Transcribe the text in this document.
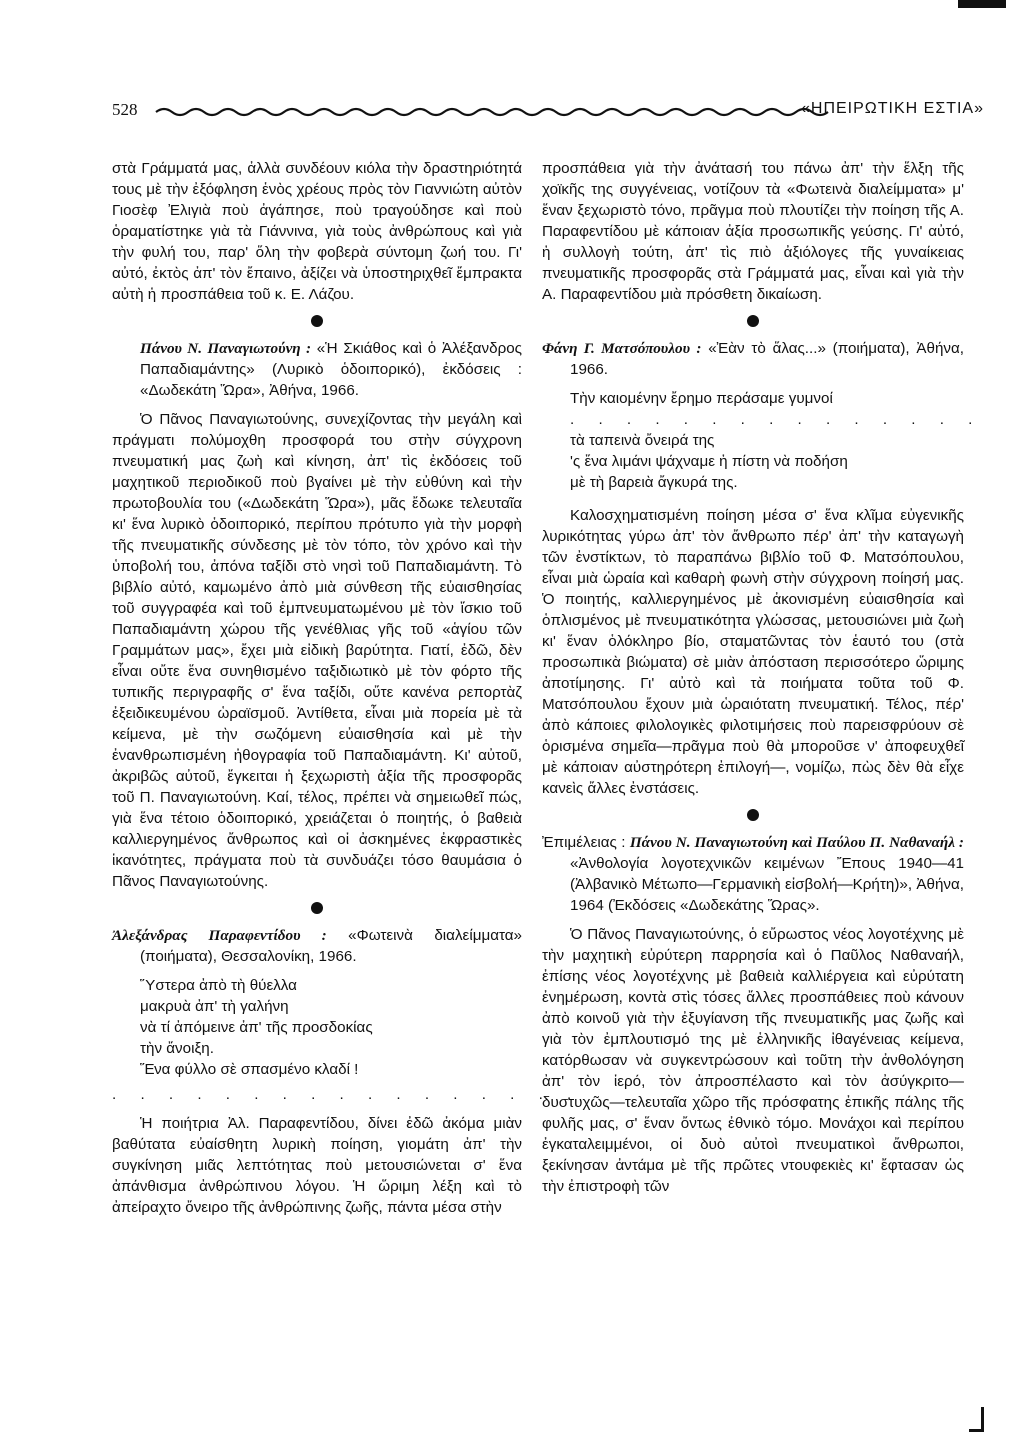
528	«ΗΠΕΙΡΩΤΙΚΗ ΕΣΤΙΑ»

στὰ Γράμματά μας, ἀλλὰ συνδέουν κιόλα τὴν δραστηριότητά τους μὲ τὴν ἐξόφληση ἑνὸς χρέους πρὸς τὸν Γιαννιώτη αὐτὸν Γιοσὲφ Ἐλιγιὰ ποὺ ἀγάπησε, ποὺ τραγούδησε καὶ ποὺ ὁραματίστηκε γιὰ τὰ Γιάννινα, γιὰ τοὺς ἀνθρώπους καὶ γιὰ τὴν φυλή του, παρ' ὅλη τὴν φοβερὰ σύντομη ζωή του. Γι' αὐτό, ἐκτὸς ἀπ' τὸν ἔπαινο, ἀξίζει νὰ ὑποστηριχθεῖ ἔμπρακτα αὐτὴ ἡ προσπάθεια τοῦ κ. Ε. Λάζου.

Πάνου Ν. Παναγιωτούνη : «Ἡ Σκιάθος καὶ ὁ Ἀλέξανδρος Παπαδιαμάντης» (Λυρικὸ ὁδοιπορικό), ἐκδόσεις : «Δωδεκάτη Ὥρα», Ἀθήνα, 1966.

Ὁ Πᾶνος Παναγιωτούνης, συνεχίζοντας τὴν μεγάλη καὶ πράγματι πολύμοχθη προσφορά του στὴν σύγχρονη πνευματική μας ζωὴ καὶ κίνηση, ἀπ' τὶς ἐκδόσεις τοῦ μαχητικοῦ περιοδικοῦ ποὺ βγαίνει μὲ τὴν εὐθύνη καὶ τὴν πρωτοβουλία του («Δωδεκάτη Ὥρα»), μᾶς ἔδωκε τελευταῖα κι' ἕνα λυρικὸ ὁδοιπορικό, περίπου πρότυπο γιὰ τὴν μορφὴ τῆς πνευματικῆς σύνδεσης μὲ τὸν τόπο, τὸν χρόνο καὶ τὴν ὑποβολή του, ἀπόνα ταξίδι στὸ νησὶ τοῦ Παπαδιαμάντη. Τὸ βιβλίο αὐτό, καμωμένο ἀπὸ μιὰ σύνθεση τῆς εὐαισθησίας τοῦ συγγραφέα καὶ τοῦ ἐμπνευματωμένου μὲ τὸν ἴσκιο τοῦ Παπαδιαμάντη χώρου τῆς γενέθλιας γῆς τοῦ «ἁγίου τῶν Γραμμάτων μας», ἔχει μιὰ εἰδικὴ βαρύτητα. Γιατί, ἐδῶ, δὲν εἶναι οὔτε ἕνα συνηθισμένο ταξιδιωτικὸ μὲ τὸν φόρτο τῆς τυπικῆς περιγραφῆς σ' ἕνα ταξίδι, οὔτε κανένα ρεπορτὰζ ἐξειδικευμένου ὡραϊσμοῦ. Ἀντίθετα, εἶναι μιὰ πορεία μὲ τὰ κείμενα, μὲ τὴν σωζόμενη εὐαισθησία καὶ μὲ τὴν ἐνανθρωπισμένη ἠθογραφία τοῦ Παπαδιαμάντη. Κι' αὐτοῦ, ἀκριβῶς αὐτοῦ, ἔγκειται ἡ ξεχωριστὴ ἀξία τῆς προσφορᾶς τοῦ Π. Παναγιωτούνη. Καί, τέλος, πρέπει νὰ σημειωθεῖ πώς, γιὰ ἕνα τέτοιο ὁδοιπορικό, χρειάζεται ὁ ποιητής, ὁ βαθειὰ καλλιεργημένος ἄνθρωπος καὶ οἱ ἀσκημένες ἐκφραστικὲς ἱκανότητες, πράγματα ποὺ τὰ συνδυάζει τόσο θαυμάσια ὁ Πᾶνος Παναγιωτούνης.

Ἀλεξάνδρας Παραφεντίδου : «Φωτεινὰ διαλείμματα» (ποιήματα), Θεσσαλονίκη, 1966.

Ὕστερα ἀπὸ τὴ θύελλα
μακρυὰ ἀπ' τὴ γαλήνη
νὰ τί ἀπόμεινε ἀπ' τῆς προσδοκίας
τὴν ἄνοιξη.
Ἕνα φύλλο σὲ σπασμένο κλαδί !
. . . . . . . . . . . . . . . . .

Ἡ ποιήτρια Ἀλ. Παραφεντίδου, δίνει ἐδῶ ἀκόμα μιὰν βαθύτατα εὐαίσθητη λυρικὴ ποίηση, γιομάτη ἀπ' τὴν συγκίνηση μιᾶς λεπτότητας ποὺ μετουσιώνεται σ' ἕνα ἀπάνθισμα ἀνθρώπινου λόγου. Ἡ ὥριμη λέξη καὶ τὸ ἀπείραχτο ὄνειρο τῆς ἀνθρώπινης ζωῆς, πάντα μέσα στὴν

προσπάθεια γιὰ τὴν ἀνάτασή του πάνω ἀπ' τὴν ἕλξη τῆς χοϊκῆς της συγγένειας, νοτίζουν τὰ «Φωτεινὰ διαλείμματα» μ' ἕναν ξεχωριστὸ τόνο, πρᾶγμα ποὺ πλουτίζει τὴν ποίηση τῆς Α. Παραφεντίδου μὲ κάποιαν ἀξία προσωπικῆς γεύσης. Γι' αὐτό, ἡ συλλογὴ τούτη, ἀπ' τὶς πιὸ ἀξιόλογες τῆς γυναίκειας πνευματικῆς προσφορᾶς στὰ Γράμματά μας, εἶναι καὶ γιὰ τὴν Α. Παραφεντίδου μιὰ πρόσθετη δικαίωση.

Φάνη Γ. Ματσόπουλου : «Ἐὰν τὸ ἅλας...» (ποιήματα), Ἀθήνα, 1966.

Τὴν καιομένην ἔρημο περάσαμε γυμνοί
. . . . . . . . . . . . . . .
τὰ ταπεινὰ ὄνειρά της
'ς ἕνα λιμάνι ψάχναμε ἡ πίστη νὰ ποδήση
μὲ τὴ βαρειὰ ἄγκυρά της.

Καλοσχηματισμένη ποίηση μέσα σ' ἕνα κλῖμα εὐγενικῆς λυρικότητας γύρω ἀπ' τὸν ἄνθρωπο πέρ' ἀπ' τὴν καταγωγὴ τῶν ἐνστίκτων, τὸ παραπάνω βιβλίο τοῦ Φ. Ματσόπουλου, εἶναι μιὰ ὡραία καὶ καθαρὴ φωνὴ στὴν σύγχρονη ποίησή μας. Ὁ ποιητής, καλλιεργημένος μὲ ἀκονισμένη εὐαισθησία καὶ ὁπλισμένος μὲ πνευματικότητα γλώσσας, μετουσιώνει μιὰ ζωὴ κι' ἕναν ὁλόκληρο βίο, σταματῶντας τὸν ἑαυτό του (στὰ προσωπικὰ βιώματα) σὲ μιὰν ἀπόσταση περισσότερο ὥριμης ἀποτίμησης. Γι' αὐτὸ καὶ τὰ ποιήματα τοῦτα τοῦ Φ. Ματσόπουλου ἔχουν μιὰ ὡραιότατη πνευματική. Τέλος, πέρ' ἀπὸ κάποιες φιλολογικὲς φιλοτιμήσεις ποὺ παρεισφρύουν σὲ ὁρισμένα σημεῖα—πρᾶγμα ποὺ θὰ μποροῦσε ν' ἀποφευχθεῖ μὲ κάποιαν αὐστηρότερη ἐπιλογή—, νομίζω, πὼς δὲν θὰ εἶχε κανεὶς ἄλλες ἐνστάσεις.

Ἐπιμέλειας : Πάνου Ν. Παναγιωτούνη καὶ Παύλου Π. Ναθαναήλ : «Ἀνθολογία λογοτεχνικῶν κειμένων Ἔπους 1940—41 (Ἀλβανικὸ Μέτωπο—Γερμανικὴ εἰσβολή—Κρήτη)», Ἀθήνα, 1964 (Ἐκδόσεις «Δωδεκάτης Ὥρας».

Ὁ Πᾶνος Παναγιωτούνης, ὁ εὔρωστος νέος λογοτέχνης μὲ τὴν μαχητικὴ εὐρύτερη παρρησία καὶ ὁ Παῦλος Ναθαναήλ, ἐπίσης νέος λογοτέχνης μὲ βαθειὰ καλλιέργεια καὶ εὐρύτατη ἐνημέρωση, κοντὰ στὶς τόσες ἄλλες προσπάθειες ποὺ κάνουν ἀπὸ κοινοῦ γιὰ τὴν ἐξυγίανση τῆς πνευματικῆς μας ζωῆς καὶ γιὰ τὸν ἐμπλουτισμό της μὲ ἑλληνικῆς ἰθαγένειας κείμενα, κατόρθωσαν νὰ συγκεντρώσουν καὶ τοῦτη τὴν ἀνθολόγηση ἀπ' τὸν ἱερό, τὸν ἀπροσπέλαστο καὶ τὸν ἀσύγκριτο—δυστυχῶς—τελευταῖα χῶρο τῆς πρόσφατης ἐπικῆς πάλης τῆς φυλῆς μας, σ' ἕναν ὄντως ἐθνικὸ τόμο. Μονάχοι καὶ περίπου ἐγκαταλειμμένοι, οἱ δυὸ αὐτοὶ πνευματικοὶ ἄνθρωποι, ξεκίνησαν ἀντάμα μὲ τῆς πρῶτες ντουφεκιὲς κι' ἔφτασαν ὡς τὴν ἐπιστροφὴ τῶν
